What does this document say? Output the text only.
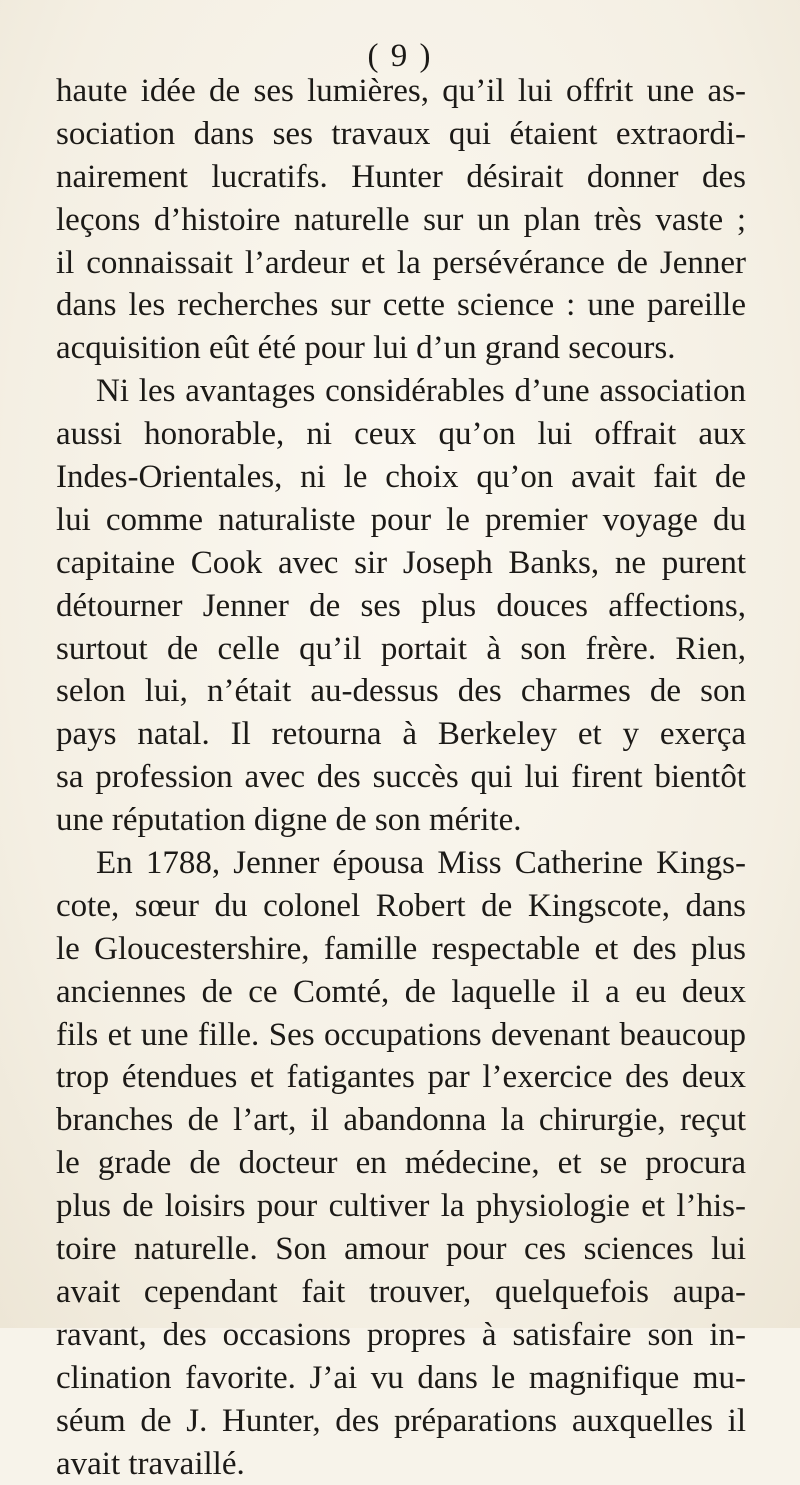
( 9 )
haute idée de ses lumières, qu’il lui offrit une as-
sociation dans ses travaux qui étaient extraordi-
nairement lucratifs. Hunter désirait donner des
leçons d’histoire naturelle sur un plan très vaste ;
il connaissait l’ardeur et la persévérance de Jenner
dans les recherches sur cette science : une pareille
acquisition eût été pour lui d’un grand secours.
Ni les avantages considérables d’une association
aussi honorable, ni ceux qu’on lui offrait aux
Indes-Orientales, ni le choix qu’on avait fait de
lui comme naturaliste pour le premier voyage du
capitaine Cook avec sir Joseph Banks, ne purent
détourner Jenner de ses plus douces affections,
surtout de celle qu’il portait à son frère. Rien,
selon lui, n’était au-dessus des charmes de son
pays natal. Il retourna à Berkeley et y exerça
sa profession avec des succès qui lui firent bientôt
une réputation digne de son mérite.
En 1788, Jenner épousa Miss Catherine Kings-
cote, sœur du colonel Robert de Kingscote, dans
le Gloucestershire, famille respectable et des plus
anciennes de ce Comté, de laquelle il a eu deux
fils et une fille. Ses occupations devenant beaucoup
trop étendues et fatigantes par l’exercice des deux
branches de l’art, il abandonna la chirurgie, reçut
le grade de docteur en médecine, et se procura
plus de loisirs pour cultiver la physiologie et l’his-
toire naturelle. Son amour pour ces sciences lui
avait cependant fait trouver, quelquefois aupa-
ravant, des occasions propres à satisfaire son in-
clination favorite. J’ai vu dans le magnifique mu-
séum de J. Hunter, des préparations auxquelles il
avait travaillé.
